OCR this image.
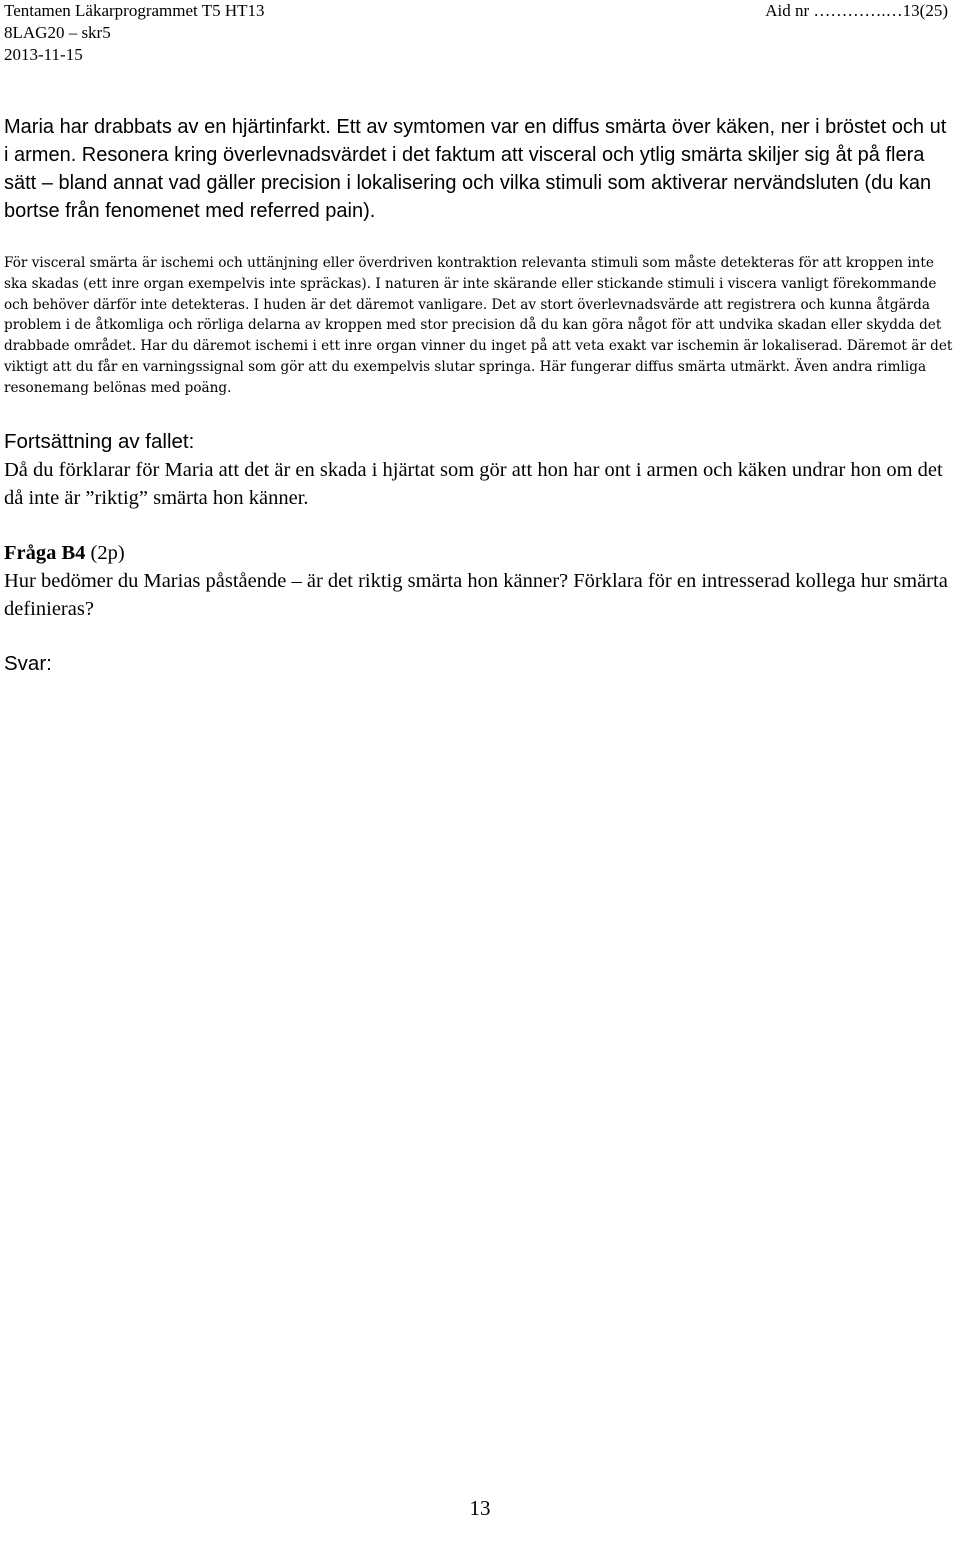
Tentamen Läkarprogrammet T5 HT13	Aid nr ………….…13(25)
8LAG20 – skr5
2013-11-15

Maria har drabbats av en hjärtinfarkt. Ett av symtomen var en diffus smärta över käken, ner i bröstet och ut i armen. Resonera kring överlevnadsvärdet i det faktum att visceral och ytlig smärta skiljer sig åt på flera sätt – bland annat vad gäller precision i lokalisering och vilka stimuli som aktiverar nervändsluten (du kan bortse från fenomenet med referred pain).

För visceral smärta är ischemi och uttänjning eller överdriven kontraktion relevanta stimuli som måste detekteras för att kroppen inte ska skadas (ett inre organ exempelvis inte spräckas). I naturen är inte skärande eller stickande stimuli i viscera vanligt förekommande och behöver därför inte detekteras. I huden är det däremot vanligare. Det av stort överlevnadsvärde att registrera och kunna åtgärda problem i de åtkomliga och rörliga delarna av kroppen med stor precision då du kan göra något för att undvika skadan eller skydda det drabbade området. Har du däremot ischemi i ett inre organ vinner du inget på att veta exakt var ischemin är lokaliserad. Däremot är det viktigt att du får en varningssignal som gör att du exempelvis slutar springa. Här fungerar diffus smärta utmärkt. Även andra rimliga resonemang belönas med poäng.

Fortsättning av fallet:

Då du förklarar för Maria att det är en skada i hjärtat som gör att hon har ont i armen och käken undrar hon om det då inte är ”riktig” smärta hon känner.

Fråga B4 (2p)

Hur bedömer du Marias påstående – är det riktig smärta hon känner? Förklara för en intresserad kollega hur smärta definieras?

Svar:

13
